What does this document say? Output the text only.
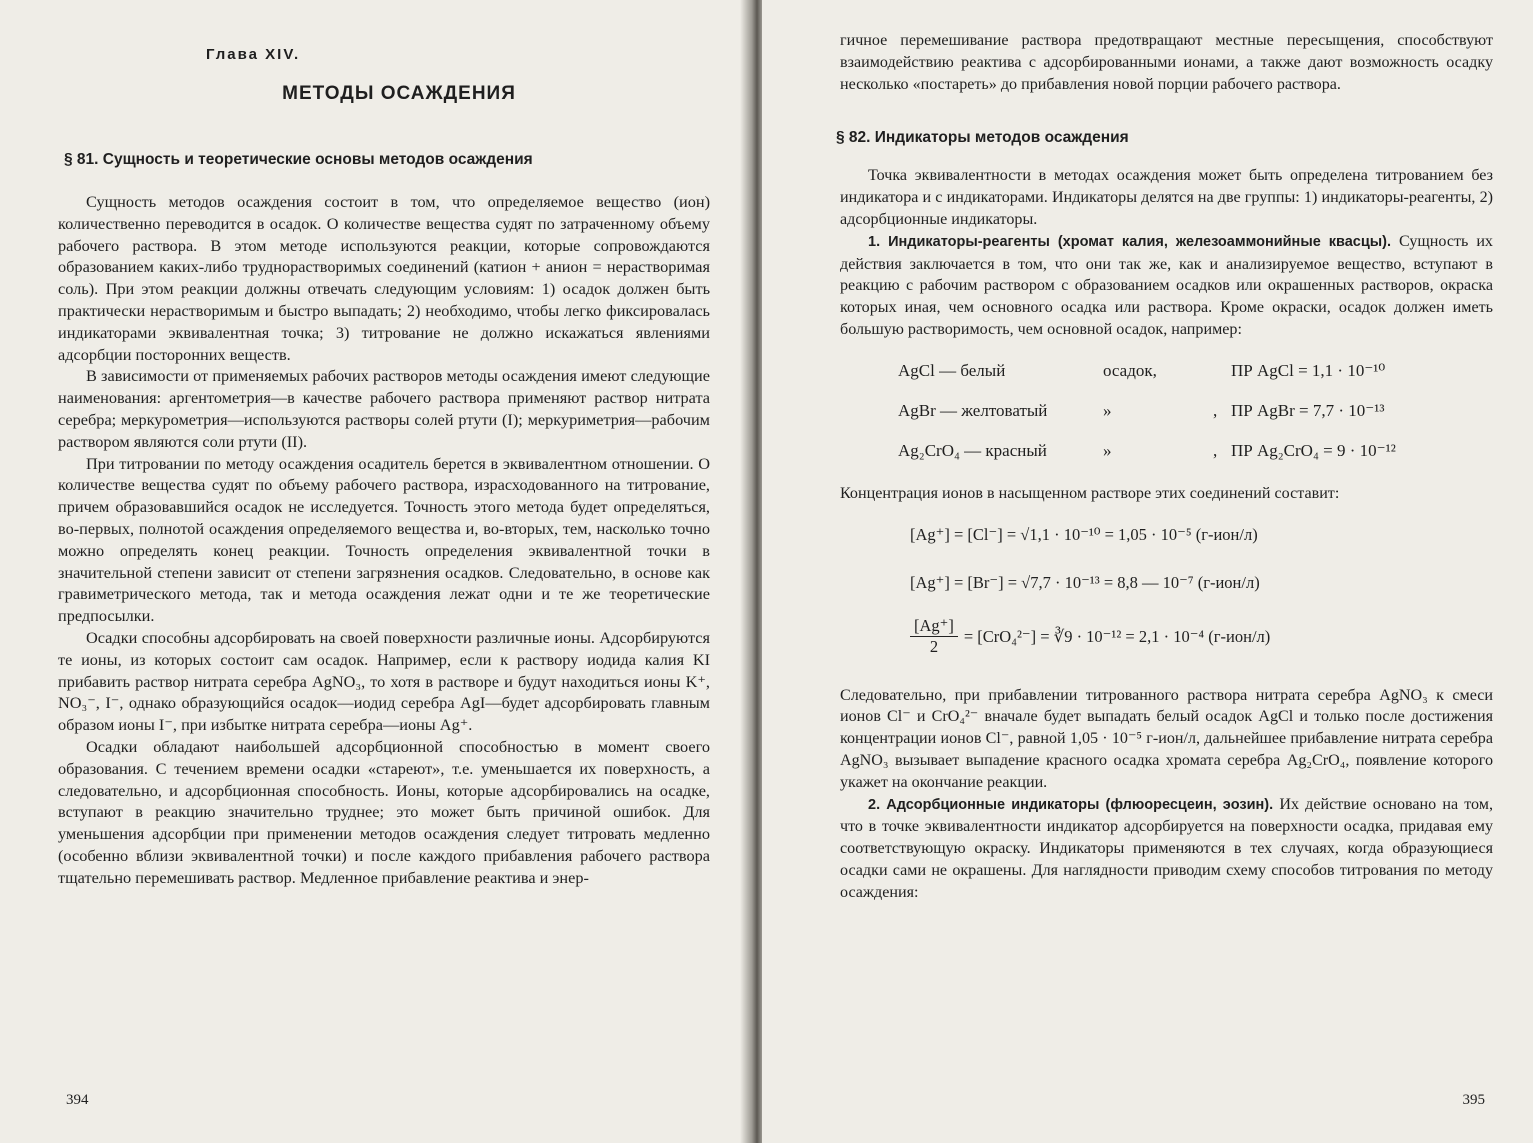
Глава XIV.
МЕТОДЫ ОСАЖДЕНИЯ
§ 81. Сущность и теоретические основы методов осаждения

Сущность методов осаждения состоит в том, что определяемое вещество (ион) количественно переводится в осадок. О количестве вещества судят по затраченному объему рабочего раствора. В этом методе используются реакции, которые сопровождаются образованием каких-либо труднорастворимых соединений (катион + анион = нерастворимая соль). При этом реакции должны отвечать следующим условиям: 1) осадок должен быть практически нерастворимым и быстро выпадать; 2) необходимо, чтобы легко фиксировалась индикаторами эквивалентная точка; 3) титрование не должно искажаться явлениями адсорбции посторонних веществ.

В зависимости от применяемых рабочих растворов методы осаждения имеют следующие наименования: аргентометрия—в качестве рабочего раствора применяют раствор нитрата серебра; меркурометрия—используются растворы солей ртути (I); меркуриметрия—рабочим раствором являются соли ртути (II).

При титровании по методу осаждения осадитель берется в эквивалентном отношении. О количестве вещества судят по объему рабочего раствора, израсходованного на титрование, причем образовавшийся осадок не исследуется. Точность этого метода будет определяться, во-первых, полнотой осаждения определяемого вещества и, во-вторых, тем, насколько точно можно определять конец реакции. Точность определения эквивалентной точки в значительной степени зависит от степени загрязнения осадков. Следовательно, в основе как гравиметрического метода, так и метода осаждения лежат одни и те же теоретические предпосылки.

Осадки способны адсорбировать на своей поверхности различные ионы. Адсорбируются те ионы, из которых состоит сам осадок. Например, если к раствору иодида калия KI прибавить раствор нитрата серебра AgNO₃, то хотя в растворе и будут находиться ионы K⁺, NO₃⁻, I⁻, однако образующийся осадок—иодид серебра AgI—будет адсорбировать главным образом ионы I⁻, при избытке нитрата серебра—ионы Ag⁺.

Осадки обладают наибольшей адсорбционной способностью в момент своего образования. С течением времени осадки «стареют», т.е. уменьшается их поверхность, а следовательно, и адсорбционная способность. Ионы, которые адсорбировались на осадке, вступают в реакцию значительно труднее; это может быть причиной ошибок. Для уменьшения адсорбции при применении методов осаждения следует титровать медленно (особенно вблизи эквивалентной точки) и после каждого прибавления рабочего раствора тщательно перемешивать раствор. Медленное прибавление реактива и энер-

394

гичное перемешивание раствора предотвращают местные пересыщения, способствуют взаимодействию реактива с адсорбированными ионами, а также дают возможность осадку несколько «постареть» до прибавления новой порции рабочего раствора.

§ 82. Индикаторы методов осаждения

Точка эквивалентности в методах осаждения может быть определена титрованием без индикатора и с индикаторами. Индикаторы делятся на две группы: 1) индикаторы-реагенты, 2) адсорбционные индикаторы.

1. Индикаторы-реагенты (хромат калия, железоаммонийные квасцы). Сущность их действия заключается в том, что они так же, как и анализируемое вещество, вступают в реакцию с рабочим раствором с образованием осадков или окрашенных растворов, окраска которых иная, чем основного осадка или раствора. Кроме окраски, осадок должен иметь большую растворимость, чем основной осадок, например:

AgCl — белый	осадок,	ПР AgCl = 1,1 · 10⁻¹⁰
AgBr — желтоватый	»	, ПР AgBr = 7,7 · 10⁻¹³
Ag₂CrO₄ — красный	»	, ПР Ag₂CrO₄ = 9 · 10⁻¹²

Концентрация ионов в насыщенном растворе этих соединений составит:

[Ag⁺] = [Cl⁻] = √1,1 · 10⁻¹⁰ = 1,05 · 10⁻⁵ (г-ион/л)
[Ag⁺] = [Br⁻] = √7,7 · 10⁻¹³ = 8,8 — 10⁻⁷ (г-ион/л)
$\frac{[Ag^+]}{2} = [CrO_4^{2-}]$ = ∛9 · 10⁻¹² = 2,1 · 10⁻⁴ (г-ион/л)

Следовательно, при прибавлении титрованного раствора нитрата серебра AgNO₃ к смеси ионов Cl⁻ и CrO₄²⁻ вначале будет выпадать белый осадок AgCl и только после достижения концентрации ионов Cl⁻, равной 1,05 · 10⁻⁵ г-ион/л, дальнейшее прибавление нитрата серебра AgNO₃ вызывает выпадение красного осадка хромата серебра Ag₂CrO₄, появление которого укажет на окончание реакции.

2. Адсорбционные индикаторы (флюоресцеин, эозин). Их действие основано на том, что в точке эквивалентности индикатор адсорбируется на поверхности осадка, придавая ему соответствующую окраску. Индикаторы применяются в тех случаях, когда образующиеся осадки сами не окрашены. Для наглядности приводим схему способов титрования по методу осаждения:

395
